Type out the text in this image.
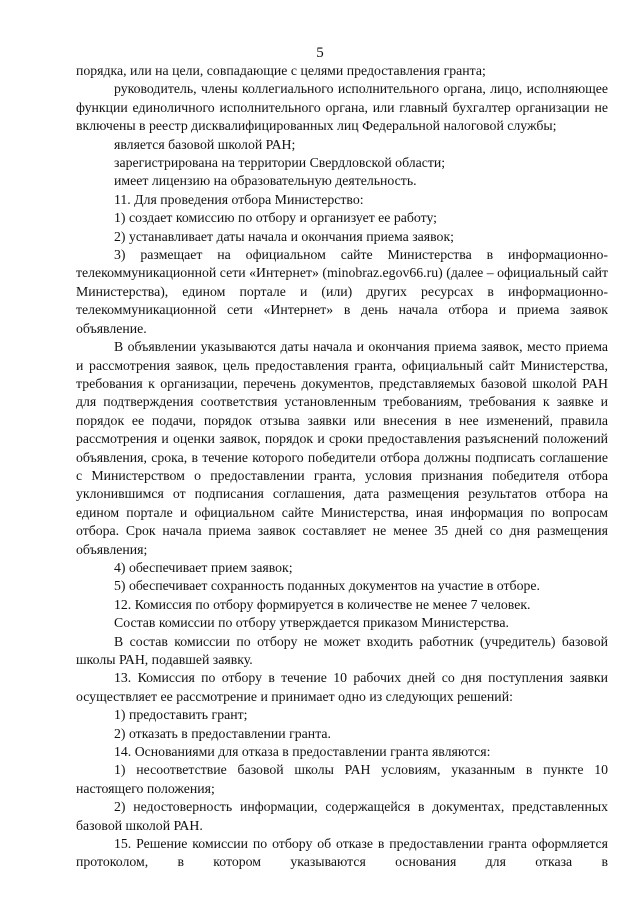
5

порядка, или на цели, совпадающие с целями предоставления гранта;

руководитель, члены коллегиального исполнительного органа, лицо, исполняющее функции единоличного исполнительного органа, или главный бухгалтер организации не включены в реестр дисквалифицированных лиц Федеральной налоговой службы;

является базовой школой РАН;

зарегистрирована на территории Свердловской области;

имеет лицензию на образовательную деятельность.

11. Для проведения отбора Министерство:

1) создает комиссию по отбору и организует ее работу;

2) устанавливает даты начала и окончания приема заявок;

3) размещает на официальном сайте Министерства в информационно-телекоммуникационной сети «Интернет» (minobraz.egov66.ru) (далее – официальный сайт Министерства), едином портале и (или) других ресурсах в информационно-телекоммуникационной сети «Интернет» в день начала отбора и приема заявок объявление.

В объявлении указываются даты начала и окончания приема заявок, место приема и рассмотрения заявок, цель предоставления гранта, официальный сайт Министерства, требования к организации, перечень документов, представляемых базовой школой РАН для подтверждения соответствия установленным требованиям, требования к заявке и порядок ее подачи, порядок отзыва заявки или внесения в нее изменений, правила рассмотрения и оценки заявок, порядок и сроки предоставления разъяснений положений объявления, срока, в течение которого победители отбора должны подписать соглашение с Министерством о предоставлении гранта, условия признания победителя отбора уклонившимся от подписания соглашения, дата размещения результатов отбора на едином портале и официальном сайте Министерства, иная информация по вопросам отбора. Срок начала приема заявок составляет не менее 35 дней со дня размещения объявления;

4) обеспечивает прием заявок;

5) обеспечивает сохранность поданных документов на участие в отборе.

12. Комиссия по отбору формируется в количестве не менее 7 человек.

Состав комиссии по отбору утверждается приказом Министерства.

В состав комиссии по отбору не может входить работник (учредитель) базовой школы РАН, подавшей заявку.

13. Комиссия по отбору в течение 10 рабочих дней со дня поступления заявки осуществляет ее рассмотрение и принимает одно из следующих решений:

1) предоставить грант;

2) отказать в предоставлении гранта.

14. Основаниями для отказа в предоставлении гранта являются:

1) несоответствие базовой школы РАН условиям, указанным в пункте 10 настоящего положения;

2) недостоверность информации, содержащейся в документах, представленных базовой школой РАН.

15. Решение комиссии по отбору об отказе в предоставлении гранта оформляется протоколом, в котором указываются основания для отказа в
